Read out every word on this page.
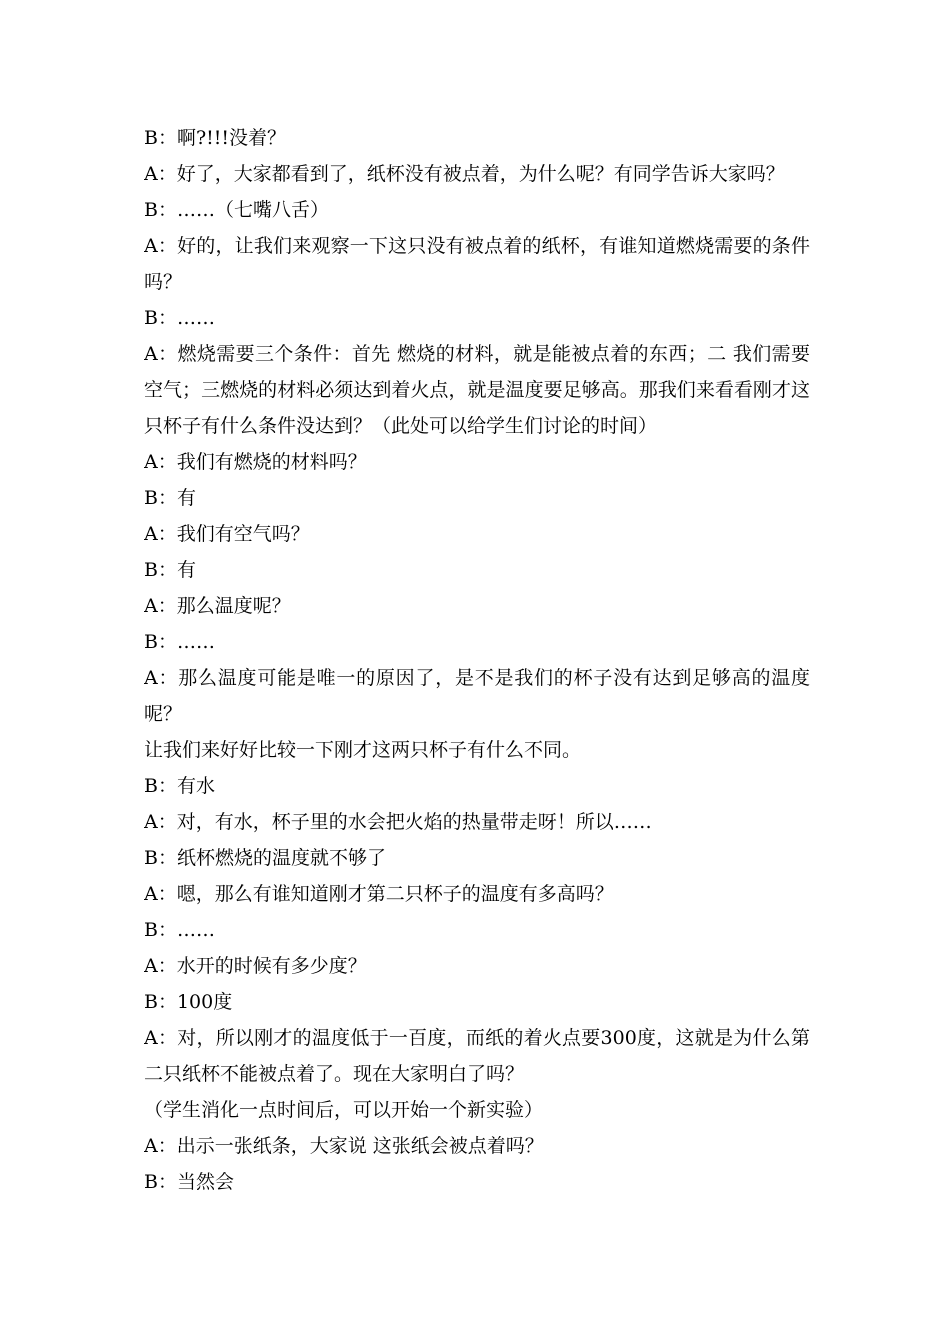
B：啊?!!!没着？

A：好了，大家都看到了，纸杯没有被点着，为什么呢？有同学告诉大家吗？

B：……（七嘴八舌）

A：好的，让我们来观察一下这只没有被点着的纸杯，有谁知道燃烧需要的条件吗？

B：……

A：燃烧需要三个条件：首先 燃烧的材料，就是能被点着的东西；二 我们需要空气；三燃烧的材料必须达到着火点，就是温度要足够高。那我们来看看刚才这只杯子有什么条件没达到？（此处可以给学生们讨论的时间）

A：我们有燃烧的材料吗？

B：有

A：我们有空气吗？

B：有

A：那么温度呢？

B：……

A：那么温度可能是唯一的原因了，是不是我们的杯子没有达到足够高的温度呢？

让我们来好好比较一下刚才这两只杯子有什么不同。

B：有水

A：对，有水，杯子里的水会把火焰的热量带走呀！所以……

B：纸杯燃烧的温度就不够了

A：嗯，那么有谁知道刚才第二只杯子的温度有多高吗？

B：……

A：水开的时候有多少度？

B：100度

A：对，所以刚才的温度低于一百度，而纸的着火点要300度，这就是为什么第二只纸杯不能被点着了。现在大家明白了吗？

（学生消化一点时间后，可以开始一个新实验）

A：出示一张纸条，大家说 这张纸会被点着吗？

B：当然会
